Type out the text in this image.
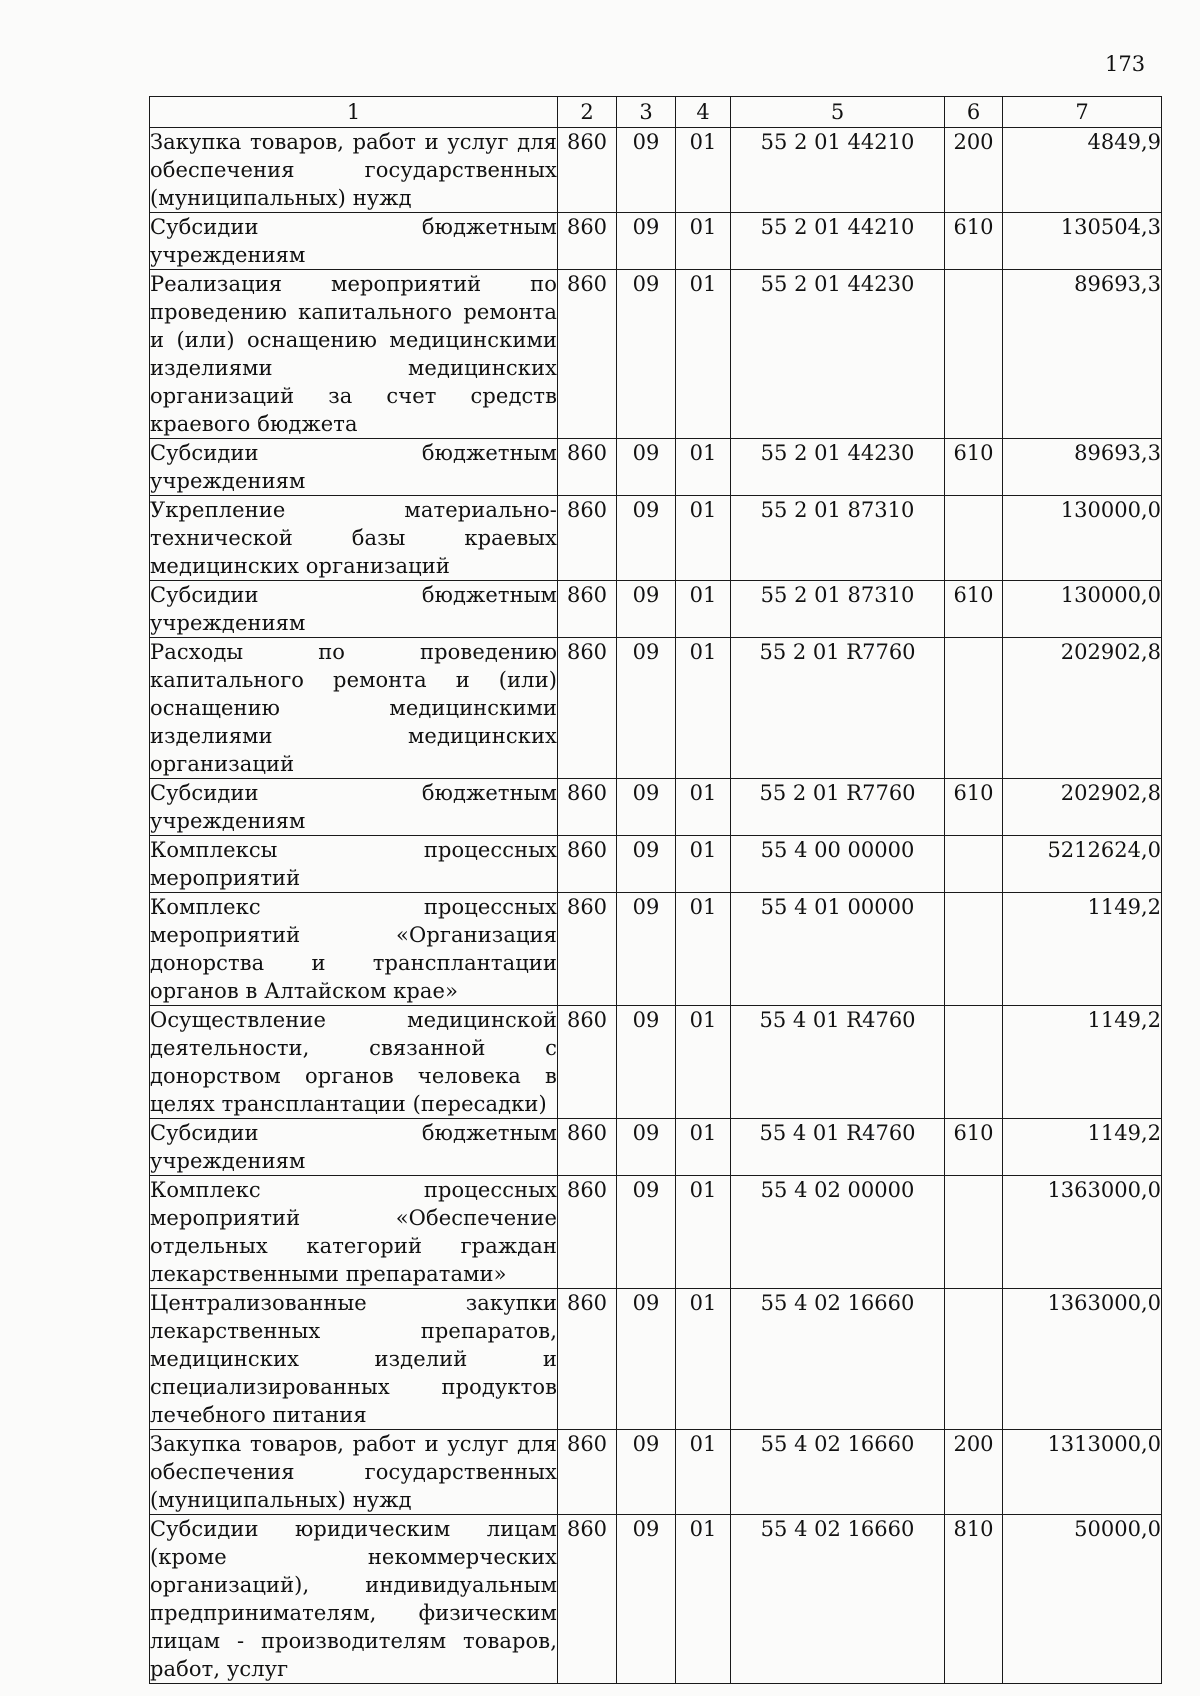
173
1	2	3	4	5	6	7
Закупка товаров, работ и услуг для обеспечения государственных (муниципальных) нужд	860	09	01	55 2 01 44210	200	4849,9
Субсидии бюджетным учреждениям	860	09	01	55 2 01 44210	610	130504,3
Реализация мероприятий по проведению капитального ремонта и (или) оснащению медицинскими изделиями медицинских организаций за счет средств краевого бюджета	860	09	01	55 2 01 44230		89693,3
Субсидии бюджетным учреждениям	860	09	01	55 2 01 44230	610	89693,3
Укрепление материально-технической базы краевых медицинских организаций	860	09	01	55 2 01 87310		130000,0
Субсидии бюджетным учреждениям	860	09	01	55 2 01 87310	610	130000,0
Расходы по проведению капитального ремонта и (или) оснащению медицинскими изделиями медицинских организаций	860	09	01	55 2 01 R7760		202902,8
Субсидии бюджетным учреждениям	860	09	01	55 2 01 R7760	610	202902,8
Комплексы процессных мероприятий	860	09	01	55 4 00 00000		5212624,0
Комплекс процессных мероприятий «Организация донорства и трансплантации органов в Алтайском крае»	860	09	01	55 4 01 00000		1149,2
Осуществление медицинской деятельности, связанной с донорством органов человека в целях трансплантации (пересадки)	860	09	01	55 4 01 R4760		1149,2
Субсидии бюджетным учреждениям	860	09	01	55 4 01 R4760	610	1149,2
Комплекс процессных мероприятий «Обеспечение отдельных категорий граждан лекарственными препаратами»	860	09	01	55 4 02 00000		1363000,0
Централизованные закупки лекарственных препаратов, медицинских изделий и специализированных продуктов лечебного питания	860	09	01	55 4 02 16660		1363000,0
Закупка товаров, работ и услуг для обеспечения государственных (муниципальных) нужд	860	09	01	55 4 02 16660	200	1313000,0
Субсидии юридическим лицам (кроме некоммерческих организаций), индивидуальным предпринимателям, физическим лицам - производителям товаров, работ, услуг	860	09	01	55 4 02 16660	810	50000,0
